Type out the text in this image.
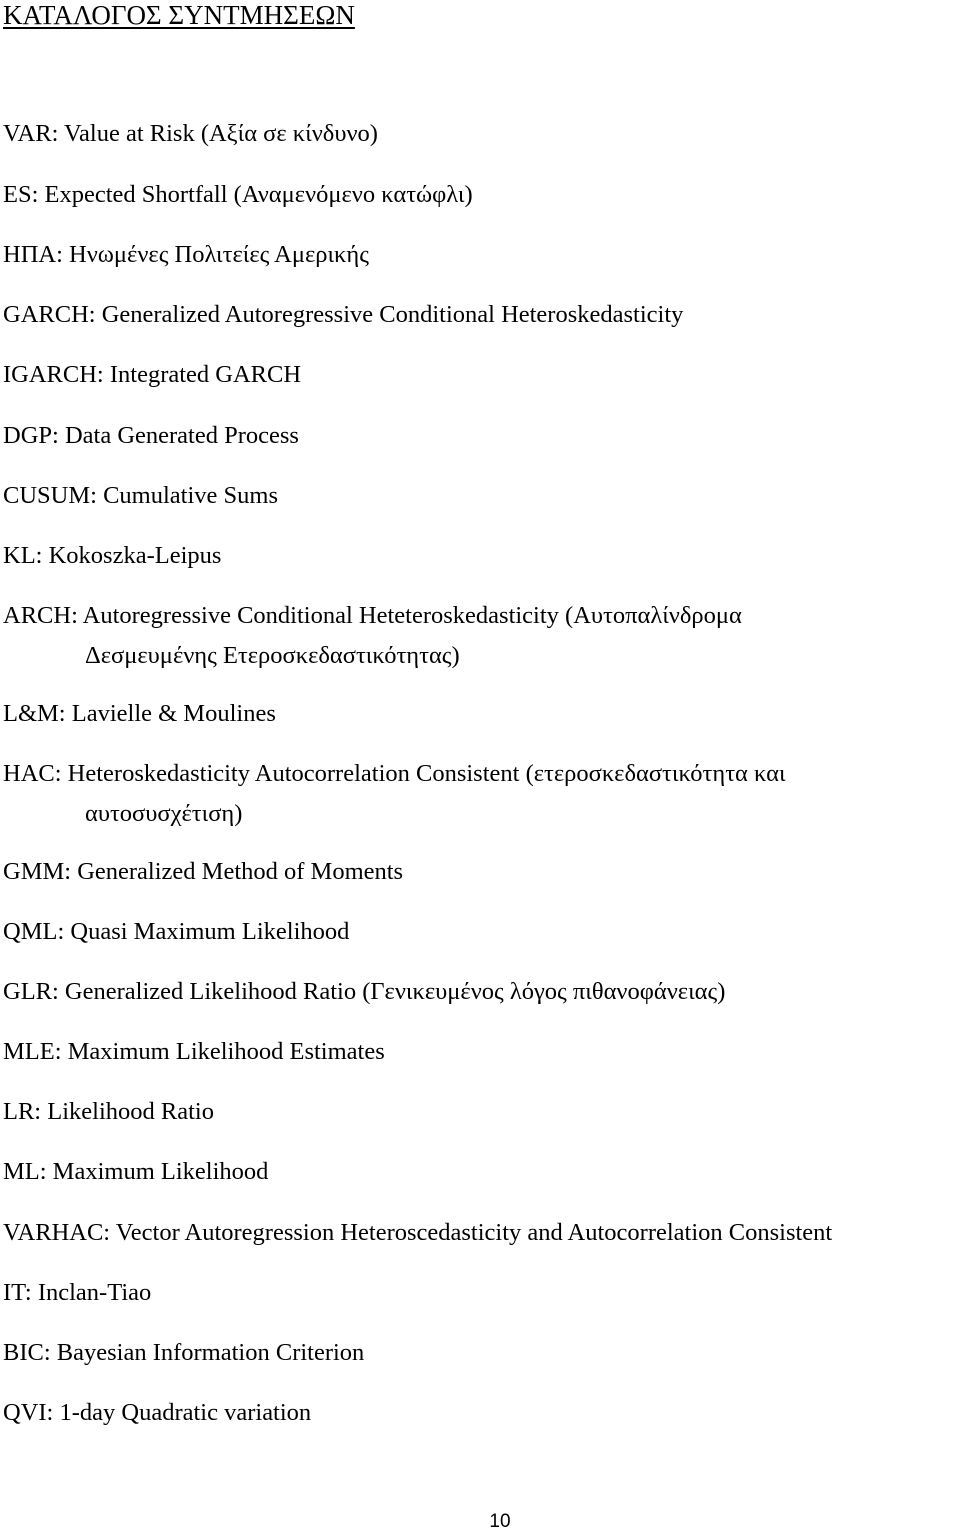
ΚΑΤΑΛΟΓΟΣ ΣΥΝΤΜΗΣΕΩΝ
VAR: Value at Risk (Αξία σε κίνδυνο)
ES: Expected Shortfall (Αναμενόμενο κατώφλι)
ΗΠΑ: Ηνωμένες Πολιτείες Αμερικής
GARCH: Generalized Autoregressive Conditional Heteroskedasticity
IGARCH: Integrated GARCH
DGP: Data Generated Process
CUSUM: Cumulative Sums
KL: Kokoszka-Leipus
ARCH: Autoregressive Conditional Heteteroskedasticity (Αυτοπαλίνδρομα
Δεσμευμένης Ετεροσκεδαστικότητας)
L&M: Lavielle & Moulines
HAC: Heteroskedasticity Autocorrelation Consistent (ετεροσκεδαστικότητα και
αυτοσυσχέτιση)
GMM: Generalized Method of Moments
QML: Quasi Maximum Likelihood
GLR: Generalized Likelihood Ratio (Γενικευμένος λόγος πιθανοφάνειας)
MLE: Maximum Likelihood Estimates
LR: Likelihood Ratio
ML: Maximum Likelihood
VARHAC: Vector Autoregression Heteroscedasticity and Autocorrelation Consistent
IT: Inclan-Tiao
BIC: Bayesian Information Criterion
QVI: 1-day Quadratic variation
10
